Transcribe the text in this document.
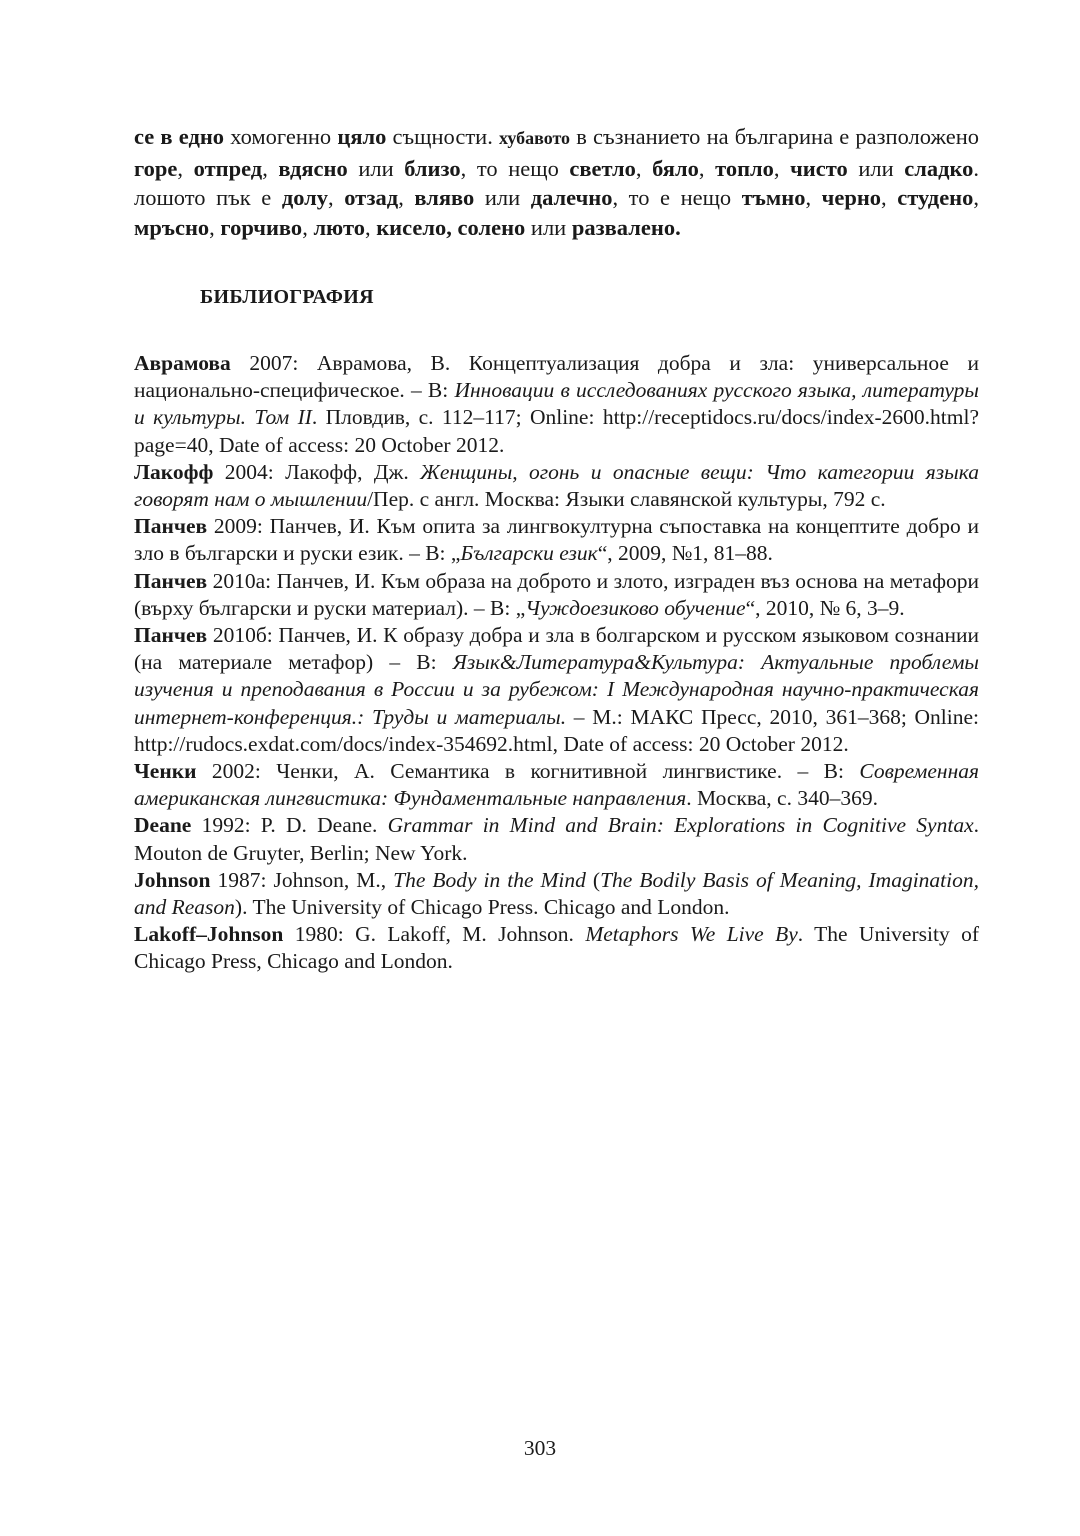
се в едно хомогенно цяло същности. хубавото в съзнанието на българина е разположено горе, отпред, вдясно или близо, то нещо светло, бяло, топло, чисто или сладко. лошото пък е долу, отзад, вляво или далечно, то е нещо тъмно, черно, студено, мръсно, горчиво, люто, кисело, солено или развалено.

БИБЛИОГРАФИЯ

Аврамова 2007: Аврамова, В. Концептуализация добра и зла: универсальное и национально-специфическое. – В: Инновации в исследованиях русского языка, литературы и культуры. Том II. Пловдив, с. 112–117; Online: http://receptidocs.ru/docs/index-2600.html?page=40, Date of access: 20 October 2012.

Лакофф 2004: Лакофф, Дж. Женщины, огонь и опасные вещи: Что категории языка говорят нам о мышлении/Пер. с англ. Москва: Языки славянской культуры, 792 с.

Панчев 2009: Панчев, И. Към опита за лингвокултурна съпоставка на концептите добро и зло в български и руски език. – В: „Български език“, 2009, №1, 81–88.

Панчев 2010а: Панчев, И. Към образа на доброто и злото, изграден въз основа на метафори (върху български и руски материал). – В: „Чуждоезиково обучение“, 2010, № 6, 3–9.

Панчев 2010б: Панчев, И. К образу добра и зла в болгарском и русском языковом сознании (на материале метафор) – В: Язык&Литература&Культура: Актуальные проблемы изучения и преподавания в России и за рубежом: I Международная научно-практическая интернет-конференция.: Труды и материалы. – М.: МАКС Пресс, 2010, 361–368; Online: http://rudocs.exdat.com/docs/index-354692.html, Date of access: 20 October 2012.

Ченки 2002: Ченки, А. Семантика в когнитивной лингвистике. – В: Современная американская лингвистика: Фундаментальные направления. Москва, с. 340–369.

Deane 1992: P. D. Deane. Grammar in Mind and Brain: Explorations in Cognitive Syntax. Mouton de Gruyter, Berlin; New York.

Johnson 1987: Johnson, M., The Body in the Mind (The Bodily Basis of Meaning, Imagination, and Reason). The University of Chicago Press. Chicago and London.

Lakoff–Johnson 1980: G. Lakoff, M. Johnson. Metaphors We Live By. The University of Chicago Press, Chicago and London.

303
